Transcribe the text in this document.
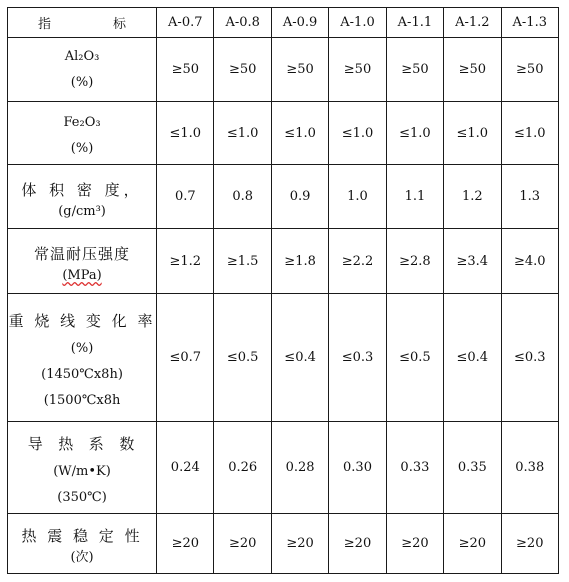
指 标	A-0.7	A-0.8	A-0.9	A-1.0	A-1.1	A-1.2	A-1.3

Al₂O₃
(%)	≥50	≥50	≥50	≥50	≥50	≥50	≥50

Fe₂O₃
(%)	≤1.0	≤1.0	≤1.0	≤1.0	≤1.0	≤1.0	≤1.0

体 积 密 度，
(g/cm³)	0.7	0.8	0.9	1.0	1.1	1.2	1.3

常温耐压强度
(MPa)	≥1.2	≥1.5	≥1.8	≥2.2	≥2.8	≥3.4	≥4.0

重 烧 线 变 化 率
(%)
(1450℃x8h)
(1500℃x8h	≤0.7	≤0.5	≤0.4	≤0.3	≤0.5	≤0.4	≤0.3

导  热  系  数
(W/m•K)
(350℃)	0.24	0.26	0.28	0.30	0.33	0.35	0.38

热 震 稳 定 性
(次)	≥20	≥20	≥20	≥20	≥20	≥20	≥20
